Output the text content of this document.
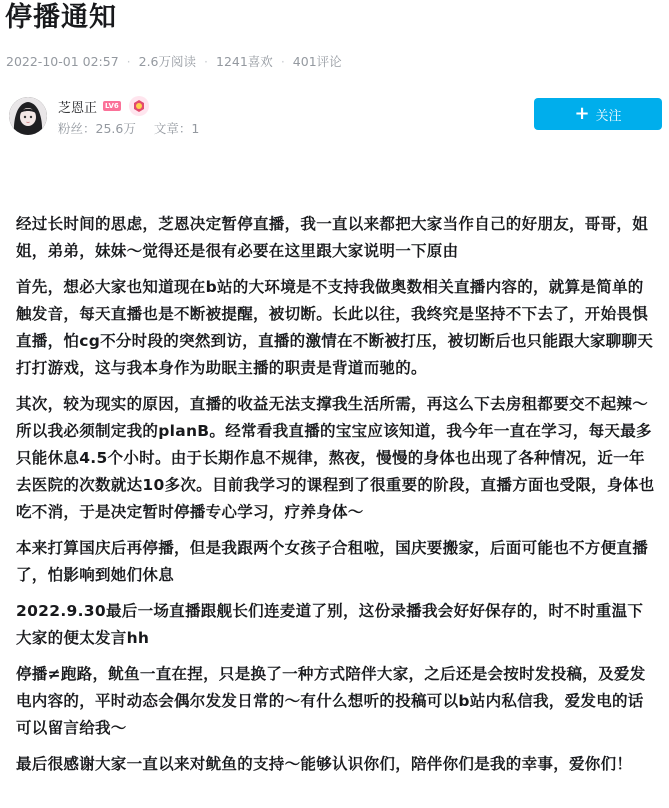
停播通知
2022-10-01 02:57 · 2.6万阅读 · 1241喜欢 · 401评论
芝恩正 LV6
粉丝：25.6万 文章：1
+ 关注

经过长时间的思虑，芝恩决定暂停直播，我一直以来都把大家当作自己的好朋友，哥哥，姐姐，弟弟，妹妹～觉得还是很有必要在这里跟大家说明一下原由

首先，想必大家也知道现在b站的大环境是不支持我做奥数相关直播内容的，就算是简单的触发音，每天直播也是不断被提醒，被切断。长此以往，我终究是坚持不下去了，开始畏惧直播，怕cg不分时段的突然到访，直播的激情在不断被打压，被切断后也只能跟大家聊聊天打打游戏，这与我本身作为助眠主播的职责是背道而驰的。

其次，较为现实的原因，直播的收益无法支撑我生活所需，再这么下去房租都要交不起辣～所以我必须制定我的planB。经常看我直播的宝宝应该知道，我今年一直在学习，每天最多只能休息4.5个小时。由于长期作息不规律，熬夜，慢慢的身体也出现了各种情况，近一年去医院的次数就达10多次。目前我学习的课程到了很重要的阶段，直播方面也受限，身体也吃不消，于是决定暂时停播专心学习，疗养身体～

本来打算国庆后再停播，但是我跟两个女孩子合租啦，国庆要搬家，后面可能也不方便直播了，怕影响到她们休息

2022.9.30最后一场直播跟舰长们连麦道了别，这份录播我会好好保存的，时不时重温下大家的便太发言hh

停播≠跑路，鱿鱼一直在捏，只是换了一种方式陪伴大家，之后还是会按时发投稿，及爱发电内容的，平时动态会偶尔发发日常的～有什么想听的投稿可以b站内私信我，爱发电的话可以留言给我～

最后很感谢大家一直以来对鱿鱼的支持～能够认识你们，陪伴你们是我的幸事，爱你们！
